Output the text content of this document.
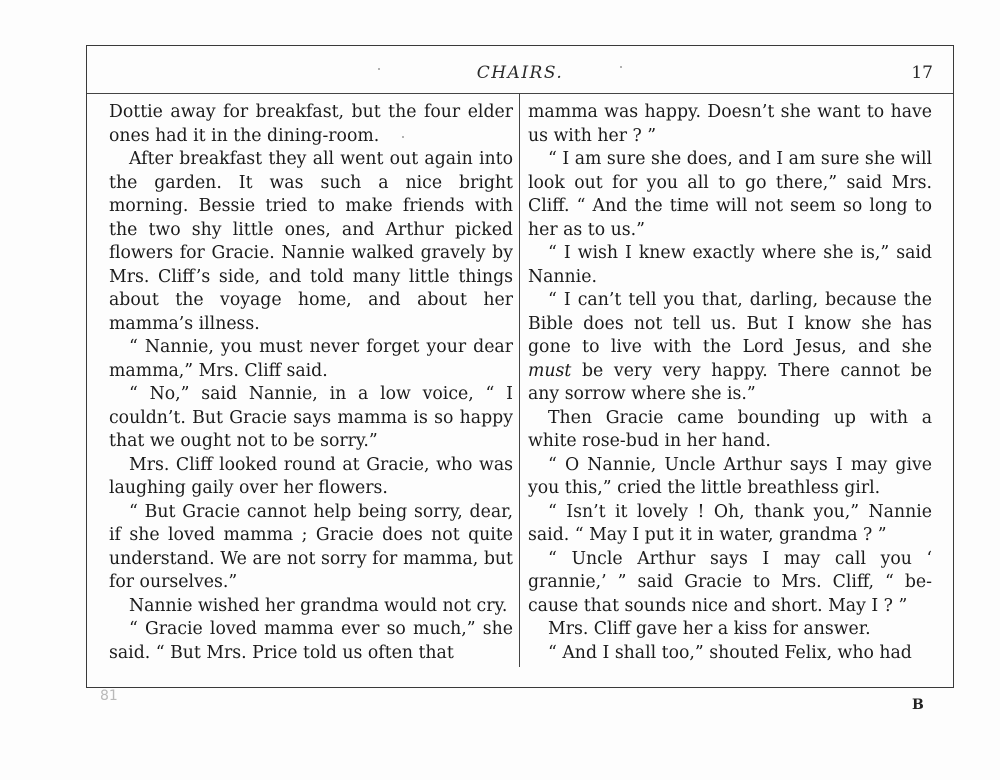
CHAIRS.	17

Dottie away for breakfast, but the four elder ones had it in the dining-room.

After breakfast they all went out again into the garden. It was such a nice bright morning. Bessie tried to make friends with the two shy little ones, and Arthur picked flowers for Gracie. Nannie walked gravely by Mrs. Cliff’s side, and told many little things about the voyage home, and about her mamma’s illness.

“ Nannie, you must never forget your dear mamma,” Mrs. Cliff said.

“ No,” said Nannie, in a low voice, “ I couldn’t. But Gracie says mamma is so happy that we ought not to be sorry.”

Mrs. Cliff looked round at Gracie, who was laughing gaily over her flowers.

“ But Gracie cannot help being sorry, dear, if she loved mamma ; Gracie does not quite understand. We are not sorry for mamma, but for ourselves.”

Nannie wished her grandma would not cry.

“ Gracie loved mamma ever so much,” she said. “ But Mrs. Price told us often that

mamma was happy. Doesn’t she want to have us with her ? ”

“ I am sure she does, and I am sure she will look out for you all to go there,” said Mrs. Cliff. “ And the time will not seem so long to her as to us.”

“ I wish I knew exactly where she is,” said Nannie.

“ I can’t tell you that, darling, because the Bible does not tell us. But I know she has gone to live with the Lord Jesus, and she must be very very happy. There cannot be any sorrow where she is.”

Then Gracie came bounding up with a white rose-bud in her hand.

“ O Nannie, Uncle Arthur says I may give you this,” cried the little breathless girl.

“ Isn’t it lovely ! Oh, thank you,” Nannie said. “ May I put it in water, grandma ? ”

“ Uncle Arthur says I may call you ‘ grannie,’ ” said Gracie to Mrs. Cliff, “ be-cause that sounds nice and short. May I ? ”

Mrs. Cliff gave her a kiss for answer.

“ And I shall too,” shouted Felix, who had

81
B
